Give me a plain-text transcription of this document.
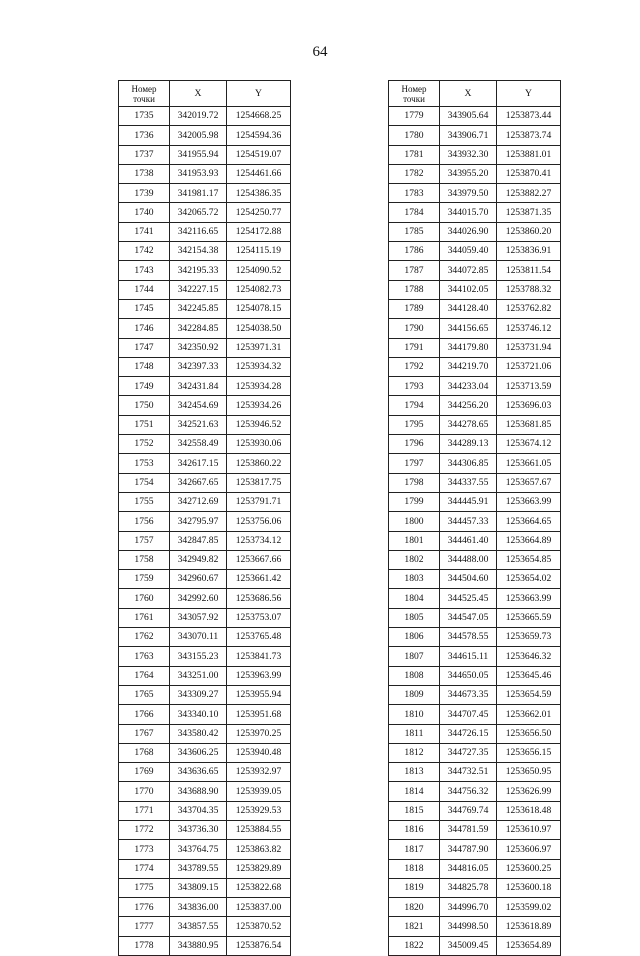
64
Номер
точки	X	Y
1735	342019.72	1254668.25
1736	342005.98	1254594.36
1737	341955.94	1254519.07
1738	341953.93	1254461.66
1739	341981.17	1254386.35
1740	342065.72	1254250.77
1741	342116.65	1254172.88
1742	342154.38	1254115.19
1743	342195.33	1254090.52
1744	342227.15	1254082.73
1745	342245.85	1254078.15
1746	342284.85	1254038.50
1747	342350.92	1253971.31
1748	342397.33	1253934.32
1749	342431.84	1253934.28
1750	342454.69	1253934.26
1751	342521.63	1253946.52
1752	342558.49	1253930.06
1753	342617.15	1253860.22
1754	342667.65	1253817.75
1755	342712.69	1253791.71
1756	342795.97	1253756.06
1757	342847.85	1253734.12
1758	342949.82	1253667.66
1759	342960.67	1253661.42
1760	342992.60	1253686.56
1761	343057.92	1253753.07
1762	343070.11	1253765.48
1763	343155.23	1253841.73
1764	343251.00	1253963.99
1765	343309.27	1253955.94
1766	343340.10	1253951.68
1767	343580.42	1253970.25
1768	343606.25	1253940.48
1769	343636.65	1253932.97
1770	343688.90	1253939.05
1771	343704.35	1253929.53
1772	343736.30	1253884.55
1773	343764.75	1253863.82
1774	343789.55	1253829.89
1775	343809.15	1253822.68
1776	343836.00	1253837.00
1777	343857.55	1253870.52
1778	343880.95	1253876.54
Номер
точки	X	Y
1779	343905.64	1253873.44
1780	343906.71	1253873.74
1781	343932.30	1253881.01
1782	343955.20	1253870.41
1783	343979.50	1253882.27
1784	344015.70	1253871.35
1785	344026.90	1253860.20
1786	344059.40	1253836.91
1787	344072.85	1253811.54
1788	344102.05	1253788.32
1789	344128.40	1253762.82
1790	344156.65	1253746.12
1791	344179.80	1253731.94
1792	344219.70	1253721.06
1793	344233.04	1253713.59
1794	344256.20	1253696.03
1795	344278.65	1253681.85
1796	344289.13	1253674.12
1797	344306.85	1253661.05
1798	344337.55	1253657.67
1799	344445.91	1253663.99
1800	344457.33	1253664.65
1801	344461.40	1253664.89
1802	344488.00	1253654.85
1803	344504.60	1253654.02
1804	344525.45	1253663.99
1805	344547.05	1253665.59
1806	344578.55	1253659.73
1807	344615.11	1253646.32
1808	344650.05	1253645.46
1809	344673.35	1253654.59
1810	344707.45	1253662.01
1811	344726.15	1253656.50
1812	344727.35	1253656.15
1813	344732.51	1253650.95
1814	344756.32	1253626.99
1815	344769.74	1253618.48
1816	344781.59	1253610.97
1817	344787.90	1253606.97
1818	344816.05	1253600.25
1819	344825.78	1253600.18
1820	344996.70	1253599.02
1821	344998.50	1253618.89
1822	345009.45	1253654.89
